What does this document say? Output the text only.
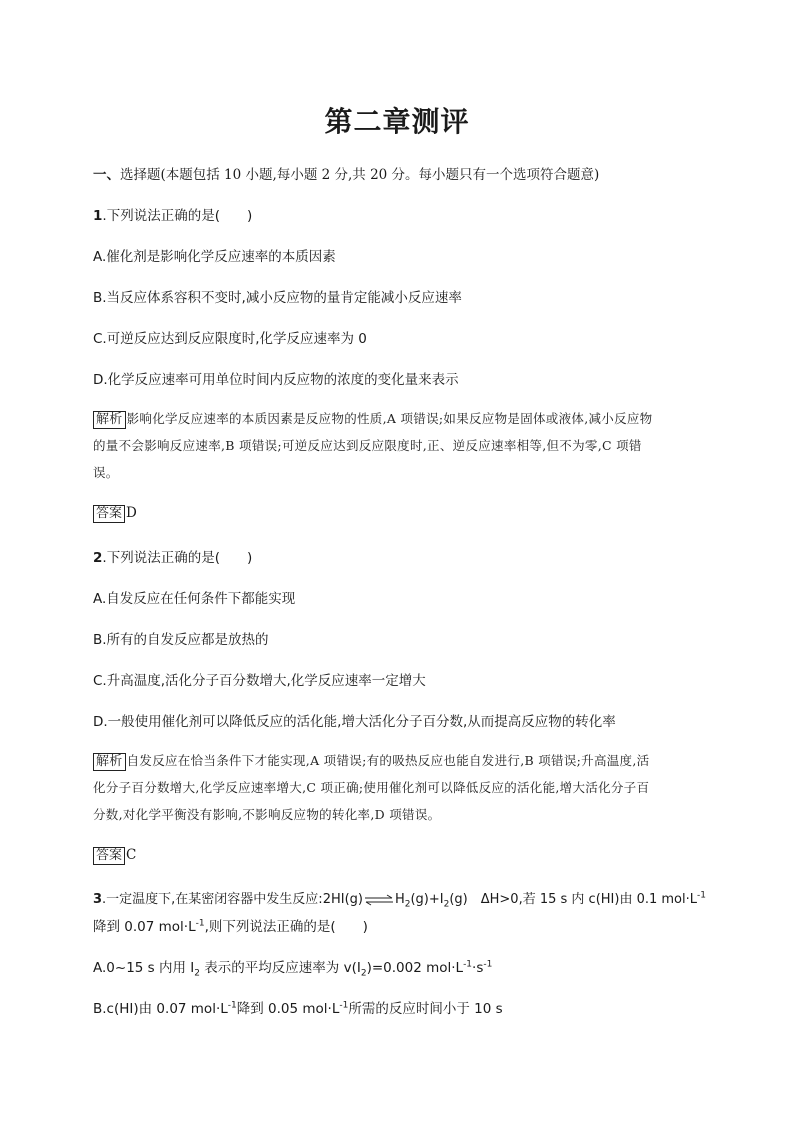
第二章测评
一、选择题(本题包括 10 小题,每小题 2 分,共 20 分。每小题只有一个选项符合题意)
1.下列说法正确的是(　　)
A.催化剂是影响化学反应速率的本质因素
B.当反应体系容积不变时,减小反应物的量肯定能减小反应速率
C.可逆反应达到反应限度时,化学反应速率为 0
D.化学反应速率可用单位时间内反应物的浓度的变化量来表示
解析 影响化学反应速率的本质因素是反应物的性质,A 项错误;如果反应物是固体或液体,减小反应物
的量不会影响反应速率,B 项错误;可逆反应达到反应限度时,正、逆反应速率相等,但不为零,C 项错
误。
答案 D
2.下列说法正确的是(　　)
A.自发反应在任何条件下都能实现
B.所有的自发反应都是放热的
C.升高温度,活化分子百分数增大,化学反应速率一定增大
D.一般使用催化剂可以降低反应的活化能,增大活化分子百分数,从而提高反应物的转化率
解析 自发反应在恰当条件下才能实现,A 项错误;有的吸热反应也能自发进行,B 项错误;升高温度,活
化分子百分数增大,化学反应速率增大,C 项正确;使用催化剂可以降低反应的活化能,增大活化分子百
分数,对化学平衡没有影响,不影响反应物的转化率,D 项错误。
答案 C
3.一定温度下,在某密闭容器中发生反应$:2HI(g)\rightleftharpoons H_2(g)+I_2(g)$　ΔH>0,若 15 s 内 c(HI)由 0.1 $mol\cdot L^{-1}$
降到 0.07 $mol\cdot L^{-1}$,则下列说法正确的是(　　)
A.0~15 s 内用 $I_2$ 表示的平均反应速率为 $v(I_2)=0.002$ $mol\cdot L^{-1}\cdot s^{-1}$
B.c(HI)由 0.07 $mol\cdot L^{-1}$降到 0.05 $mol\cdot L^{-1}$所需的反应时间小于 10 s
